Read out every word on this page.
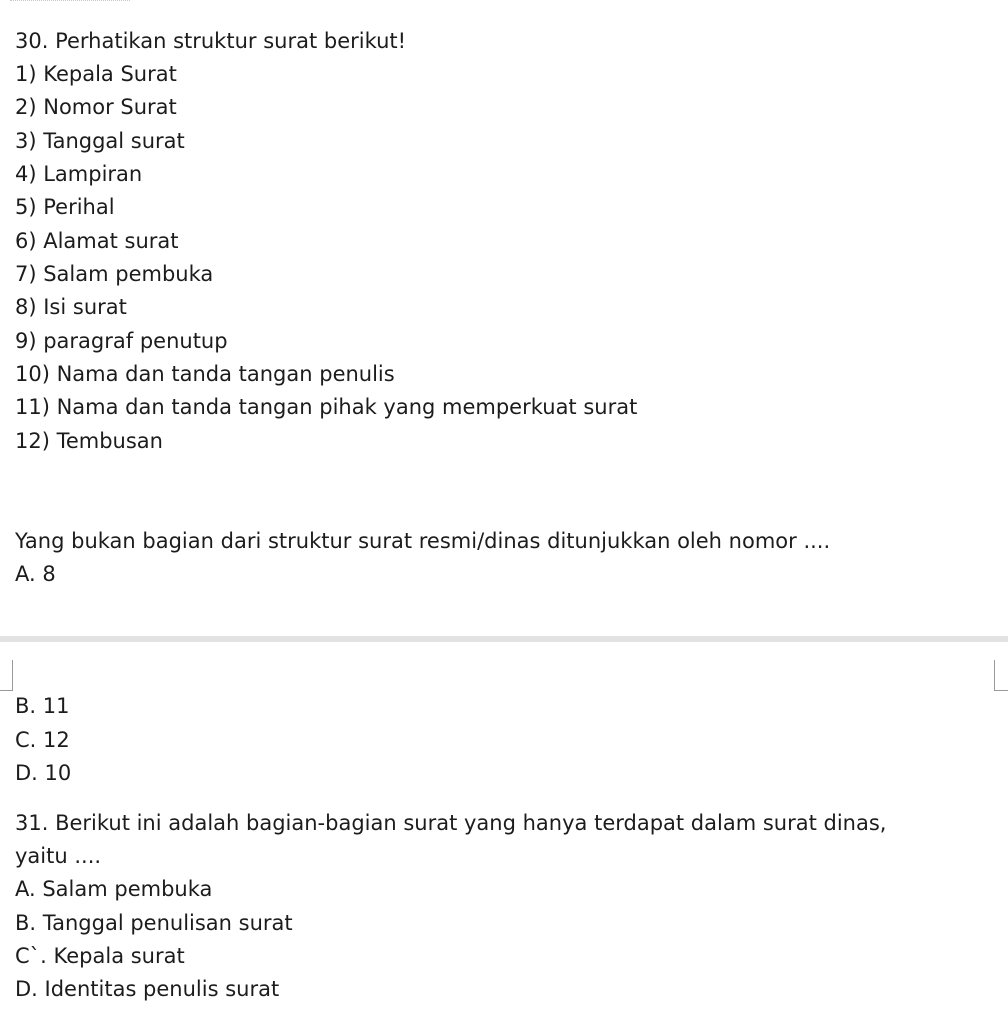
30. Perhatikan struktur surat berikut!

1) Kepala Surat

2) Nomor Surat

3) Tanggal surat

4) Lampiran

5) Perihal

6) Alamat surat

7) Salam pembuka

8) Isi surat

9) paragraf penutup

10) Nama dan tanda tangan penulis

11) Nama dan tanda tangan pihak yang memperkuat surat

12) Tembusan

Yang bukan bagian dari struktur surat resmi/dinas ditunjukkan oleh nomor ....

A. 8

B. 11

C. 12

D. 10

31. Berikut ini adalah bagian-bagian surat yang hanya terdapat dalam surat dinas,

yaitu ....

A. Salam pembuka

B. Tanggal penulisan surat

C`. Kepala surat

D. Identitas penulis surat
